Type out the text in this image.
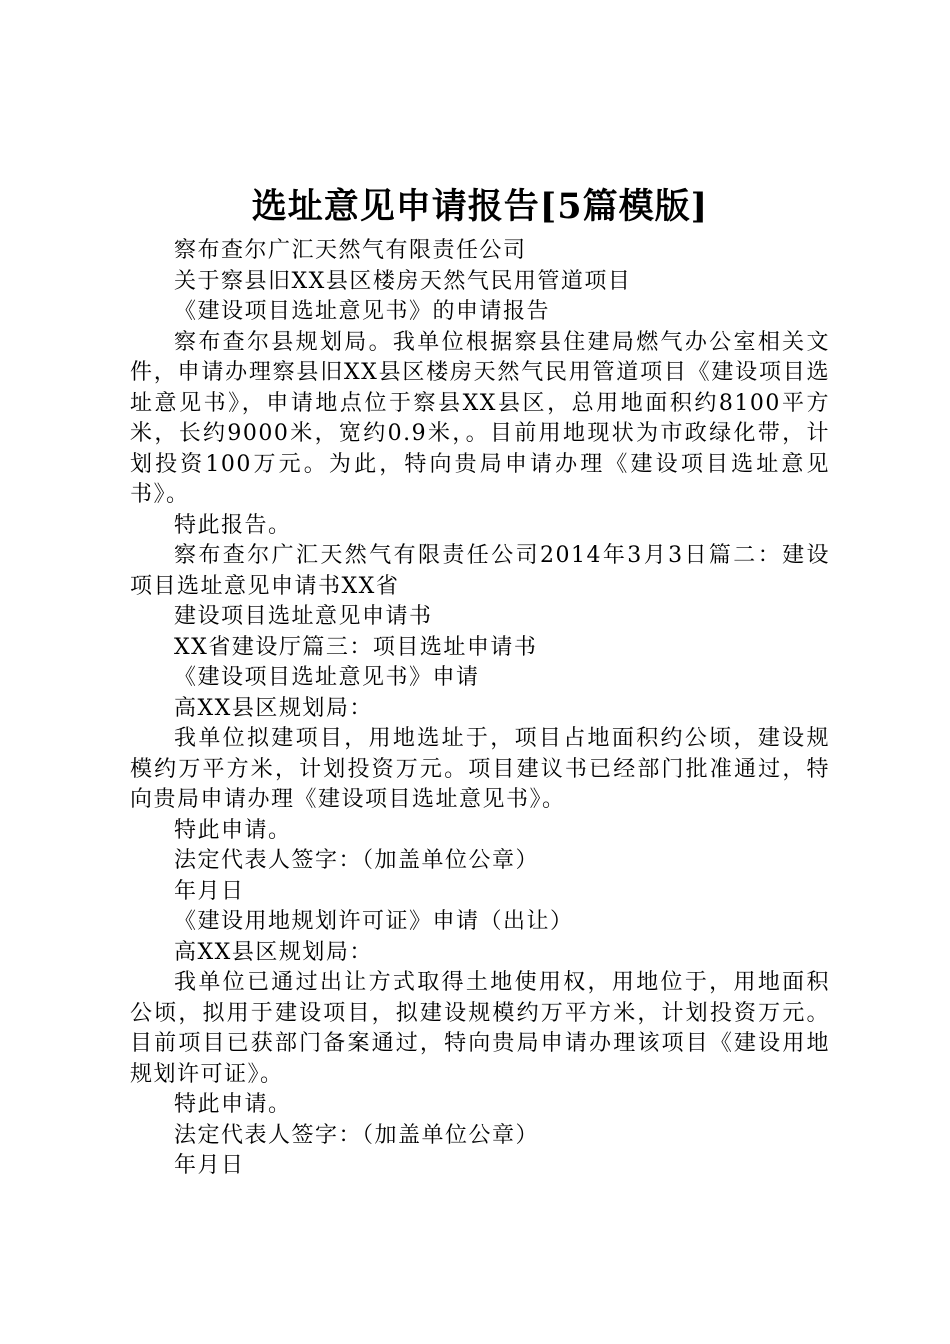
选址意见申请报告[5篇模版]

察布查尔广汇天然气有限责任公司

关于察县旧XX县区楼房天然气民用管道项目

《建设项目选址意见书》的申请报告

察布查尔县规划局。我单位根据察县住建局燃气办公室相关文件，申请办理察县旧XX县区楼房天然气民用管道项目《建设项目选址意见书》，申请地点位于察县XX县区，总用地面积约8100平方米，长约9000米，宽约0.9米，。目前用地现状为市政绿化带，计划投资100万元。为此，特向贵局申请办理《建设项目选址意见书》。

特此报告。

察布查尔广汇天然气有限责任公司2014年3月3日篇二：建设项目选址意见申请书XX省

建设项目选址意见申请书

XX省建设厅篇三：项目选址申请书

《建设项目选址意见书》申请

高XX县区规划局：

我单位拟建项目，用地选址于，项目占地面积约公顷，建设规模约万平方米，计划投资万元。项目建议书已经部门批准通过，特向贵局申请办理《建设项目选址意见书》。

特此申请。

法定代表人签字：（加盖单位公章）

年月日

《建设用地规划许可证》申请（出让）

高XX县区规划局：

我单位已通过出让方式取得土地使用权，用地位于，用地面积公顷，拟用于建设项目，拟建设规模约万平方米，计划投资万元。目前项目已获部门备案通过，特向贵局申请办理该项目《建设用地规划许可证》。

特此申请。

法定代表人签字：（加盖单位公章）

年月日
